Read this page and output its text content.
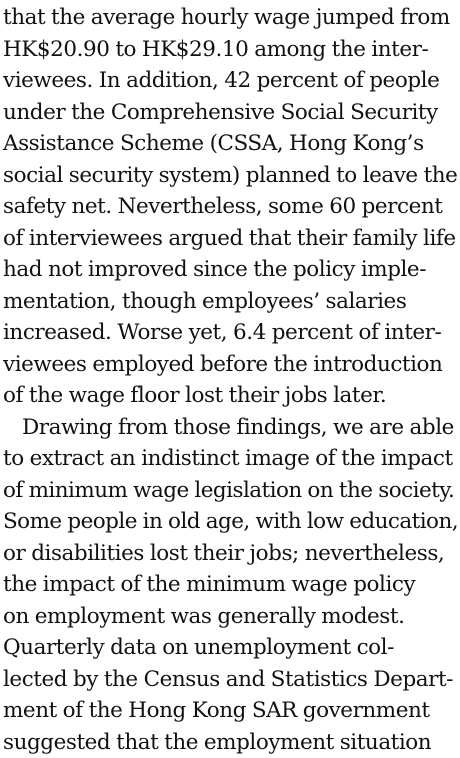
that the average hourly wage jumped from
HK$20.90 to HK$29.10 among the inter-
viewees. In addition, 42 percent of people
under the Comprehensive Social Security
Assistance Scheme (CSSA, Hong Kong’s
social security system) planned to leave the
safety net. Nevertheless, some 60 percent
of interviewees argued that their family life
had not improved since the policy imple-
mentation, though employees’ salaries
increased. Worse yet, 6.4 percent of inter-
viewees employed before the introduction
of the wage floor lost their jobs later.
Drawing from those findings, we are able
to extract an indistinct image of the impact
of minimum wage legislation on the society.
Some people in old age, with low education,
or disabilities lost their jobs; nevertheless,
the impact of the minimum wage policy
on employment was generally modest.
Quarterly data on unemployment col-
lected by the Census and Statistics Depart-
ment of the Hong Kong SAR government
suggested that the employment situation
